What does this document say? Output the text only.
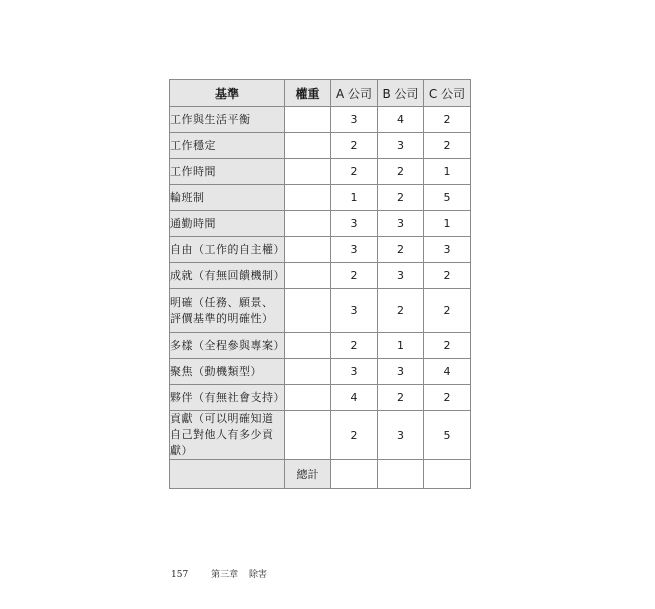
基準	權重	A 公司	B 公司	C 公司
工作與生活平衡		3	4	2
工作穩定		2	3	2
工作時間		2	2	1
輪班制		1	2	5
通勤時間		3	3	1
自由（工作的自主權）		3	2	3
成就（有無回饋機制）		2	3	2
明確（任務、願景、評價基準的明確性）		3	2	2
多樣（全程參與專案）		2	1	2
聚焦（動機類型）		3	3	4
夥伴（有無社會支持）		4	2	2
貢獻（可以明確知道自己對他人有多少貢獻）		2	3	5
	總計			
157	第三章 除害
